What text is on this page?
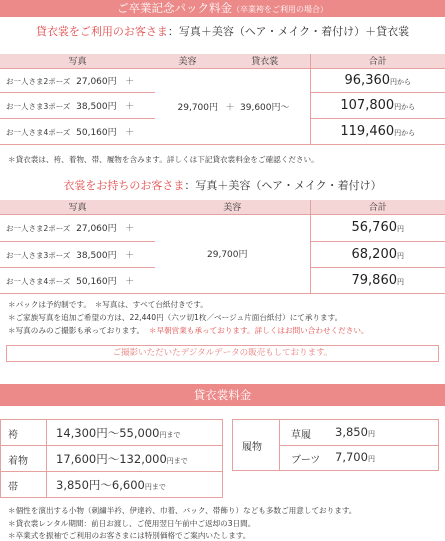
ご卒業記念パック料金（卒業袴をご利用の場合）
貸衣裳をご利用のお客さま：写真＋美容（ヘア・メイク・着付け）＋貸衣裳
写真	美容	貸衣裳		合計
お一人さま2ポーズ 27,060円 ＋	29,700円	＋	39,600円～	96,360円から
お一人さま3ポーズ 38,500円 ＋				107,800円から
お一人さま4ポーズ 50,160円 ＋				119,460円から
＊貸衣裳は、袴、着物、帯、履物を含みます。詳しくは下記貸衣裳料金をご確認ください。
衣裳をお持ちのお客さま：写真＋美容（ヘア・メイク・着付け）
写真	美容	合計
お一人さま2ポーズ 27,060円 ＋	29,700円	56,760円
お一人さま3ポーズ 38,500円 ＋		68,200円
お一人さま4ポーズ 50,160円 ＋		79,860円
＊パックは予約制です。　＊写真は、すべて台紙付きです。
＊ご家族写真を追加ご希望の方は、22,440円（六ツ切1枚／ベージュ片面台紙付）にて承ります。
＊写真のみのご撮影も承っております。 ＊早朝営業も承っております。詳しくはお問い合わせください。
ご撮影いただいたデジタルデータの販売もしております。
貸衣裳料金
袴	14,300円～55,000円まで
着物 17,600円～132,000円まで
帯	3,850円～6,600円まで
履物
草履 3,850円
ブーツ 7,700円
＊個性を演出する小物（刺繍半衿、伊達衿、巾着、バック、帯飾り）なども多数ご用意しております。
＊貸衣裳レンタル期間：前日お渡し、ご使用翌日午前中ご返却の3日間。
＊卒業式を振袖でご利用のお客さまには特別価格でご案内いたします。
